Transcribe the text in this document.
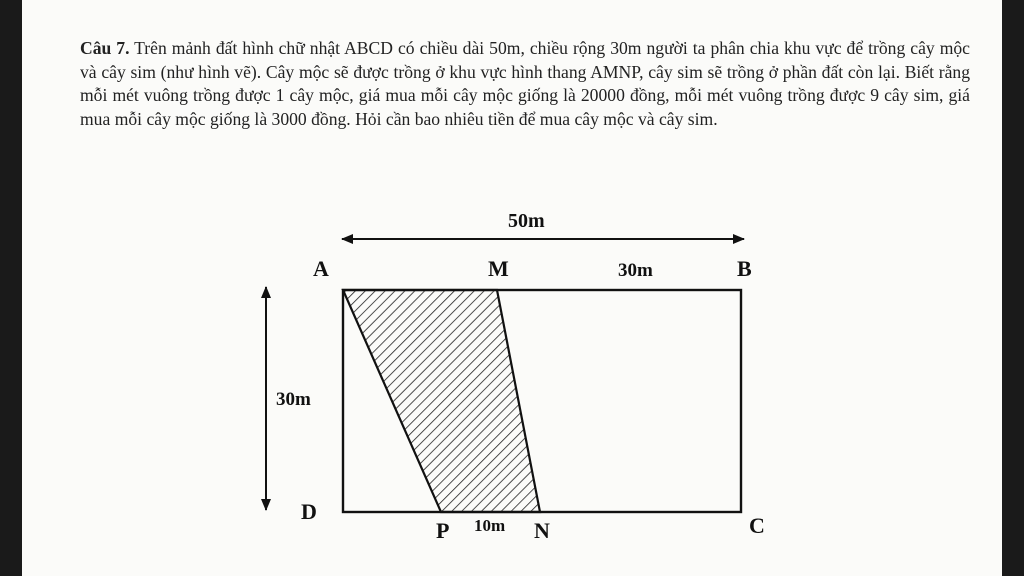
Câu 7. Trên mảnh đất hình chữ nhật ABCD có chiều dài 50m, chiều rộng 30m người ta phân chia khu vực để trồng cây mộc và cây sim (như hình vẽ). Cây mộc sẽ được trồng ở khu vực hình thang AMNP, cây sim sẽ trồng ở phần đất còn lại. Biết rằng mỗi mét vuông trồng được 1 cây mộc, giá mua mỗi cây mộc giống là 20000 đồng, mỗi mét vuông trồng được 9 cây sim, giá mua mỗi cây mộc giống là 3000 đồng. Hỏi cần bao nhiêu tiền để mua cây mộc và cây sim.
50m
30m
30m
10m
A	M	B
D
P	N	C
